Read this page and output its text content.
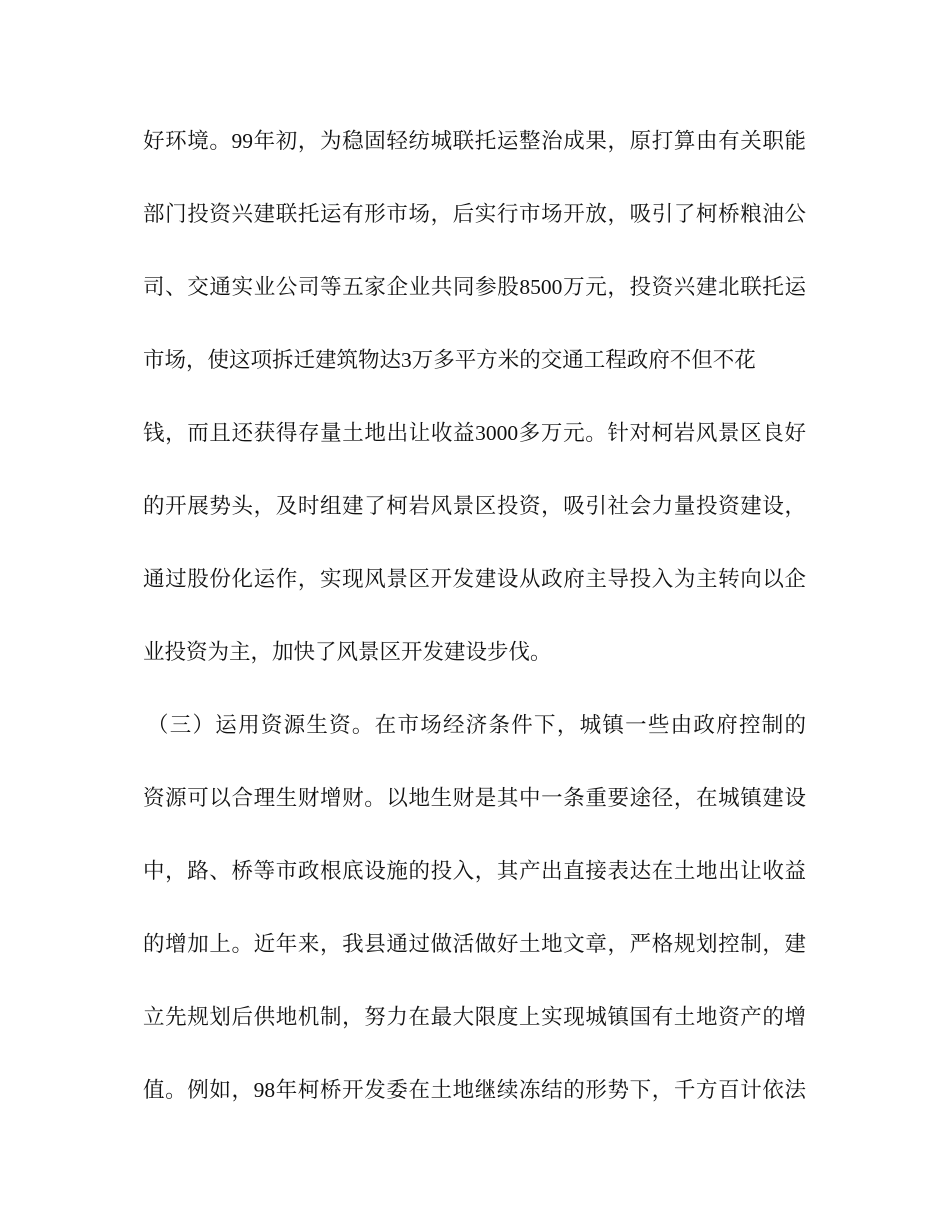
好环境。99年初，为稳固轻纺城联托运整治成果，原打算由有关职能
部门投资兴建联托运有形市场，后实行市场开放，吸引了柯桥粮油公
司、交通实业公司等五家企业共同参股8500万元，投资兴建北联托运
市场，使这项拆迁建筑物达3万多平方米的交通工程政府不但不花
钱，而且还获得存量土地出让收益3000多万元。针对柯岩风景区良好
的开展势头，及时组建了柯岩风景区投资，吸引社会力量投资建设，
通过股份化运作，实现风景区开发建设从政府主导投入为主转向以企
业投资为主，加快了风景区开发建设步伐。
（三）运用资源生资。在市场经济条件下，城镇一些由政府控制的
资源可以合理生财增财。以地生财是其中一条重要途径，在城镇建设
中，路、桥等市政根底设施的投入，其产出直接表达在土地出让收益
的增加上。近年来，我县通过做活做好土地文章，严格规划控制，建
立先规划后供地机制，努力在最大限度上实现城镇国有土地资产的增
值。例如，98年柯桥开发委在土地继续冻结的形势下，千方百计依法
